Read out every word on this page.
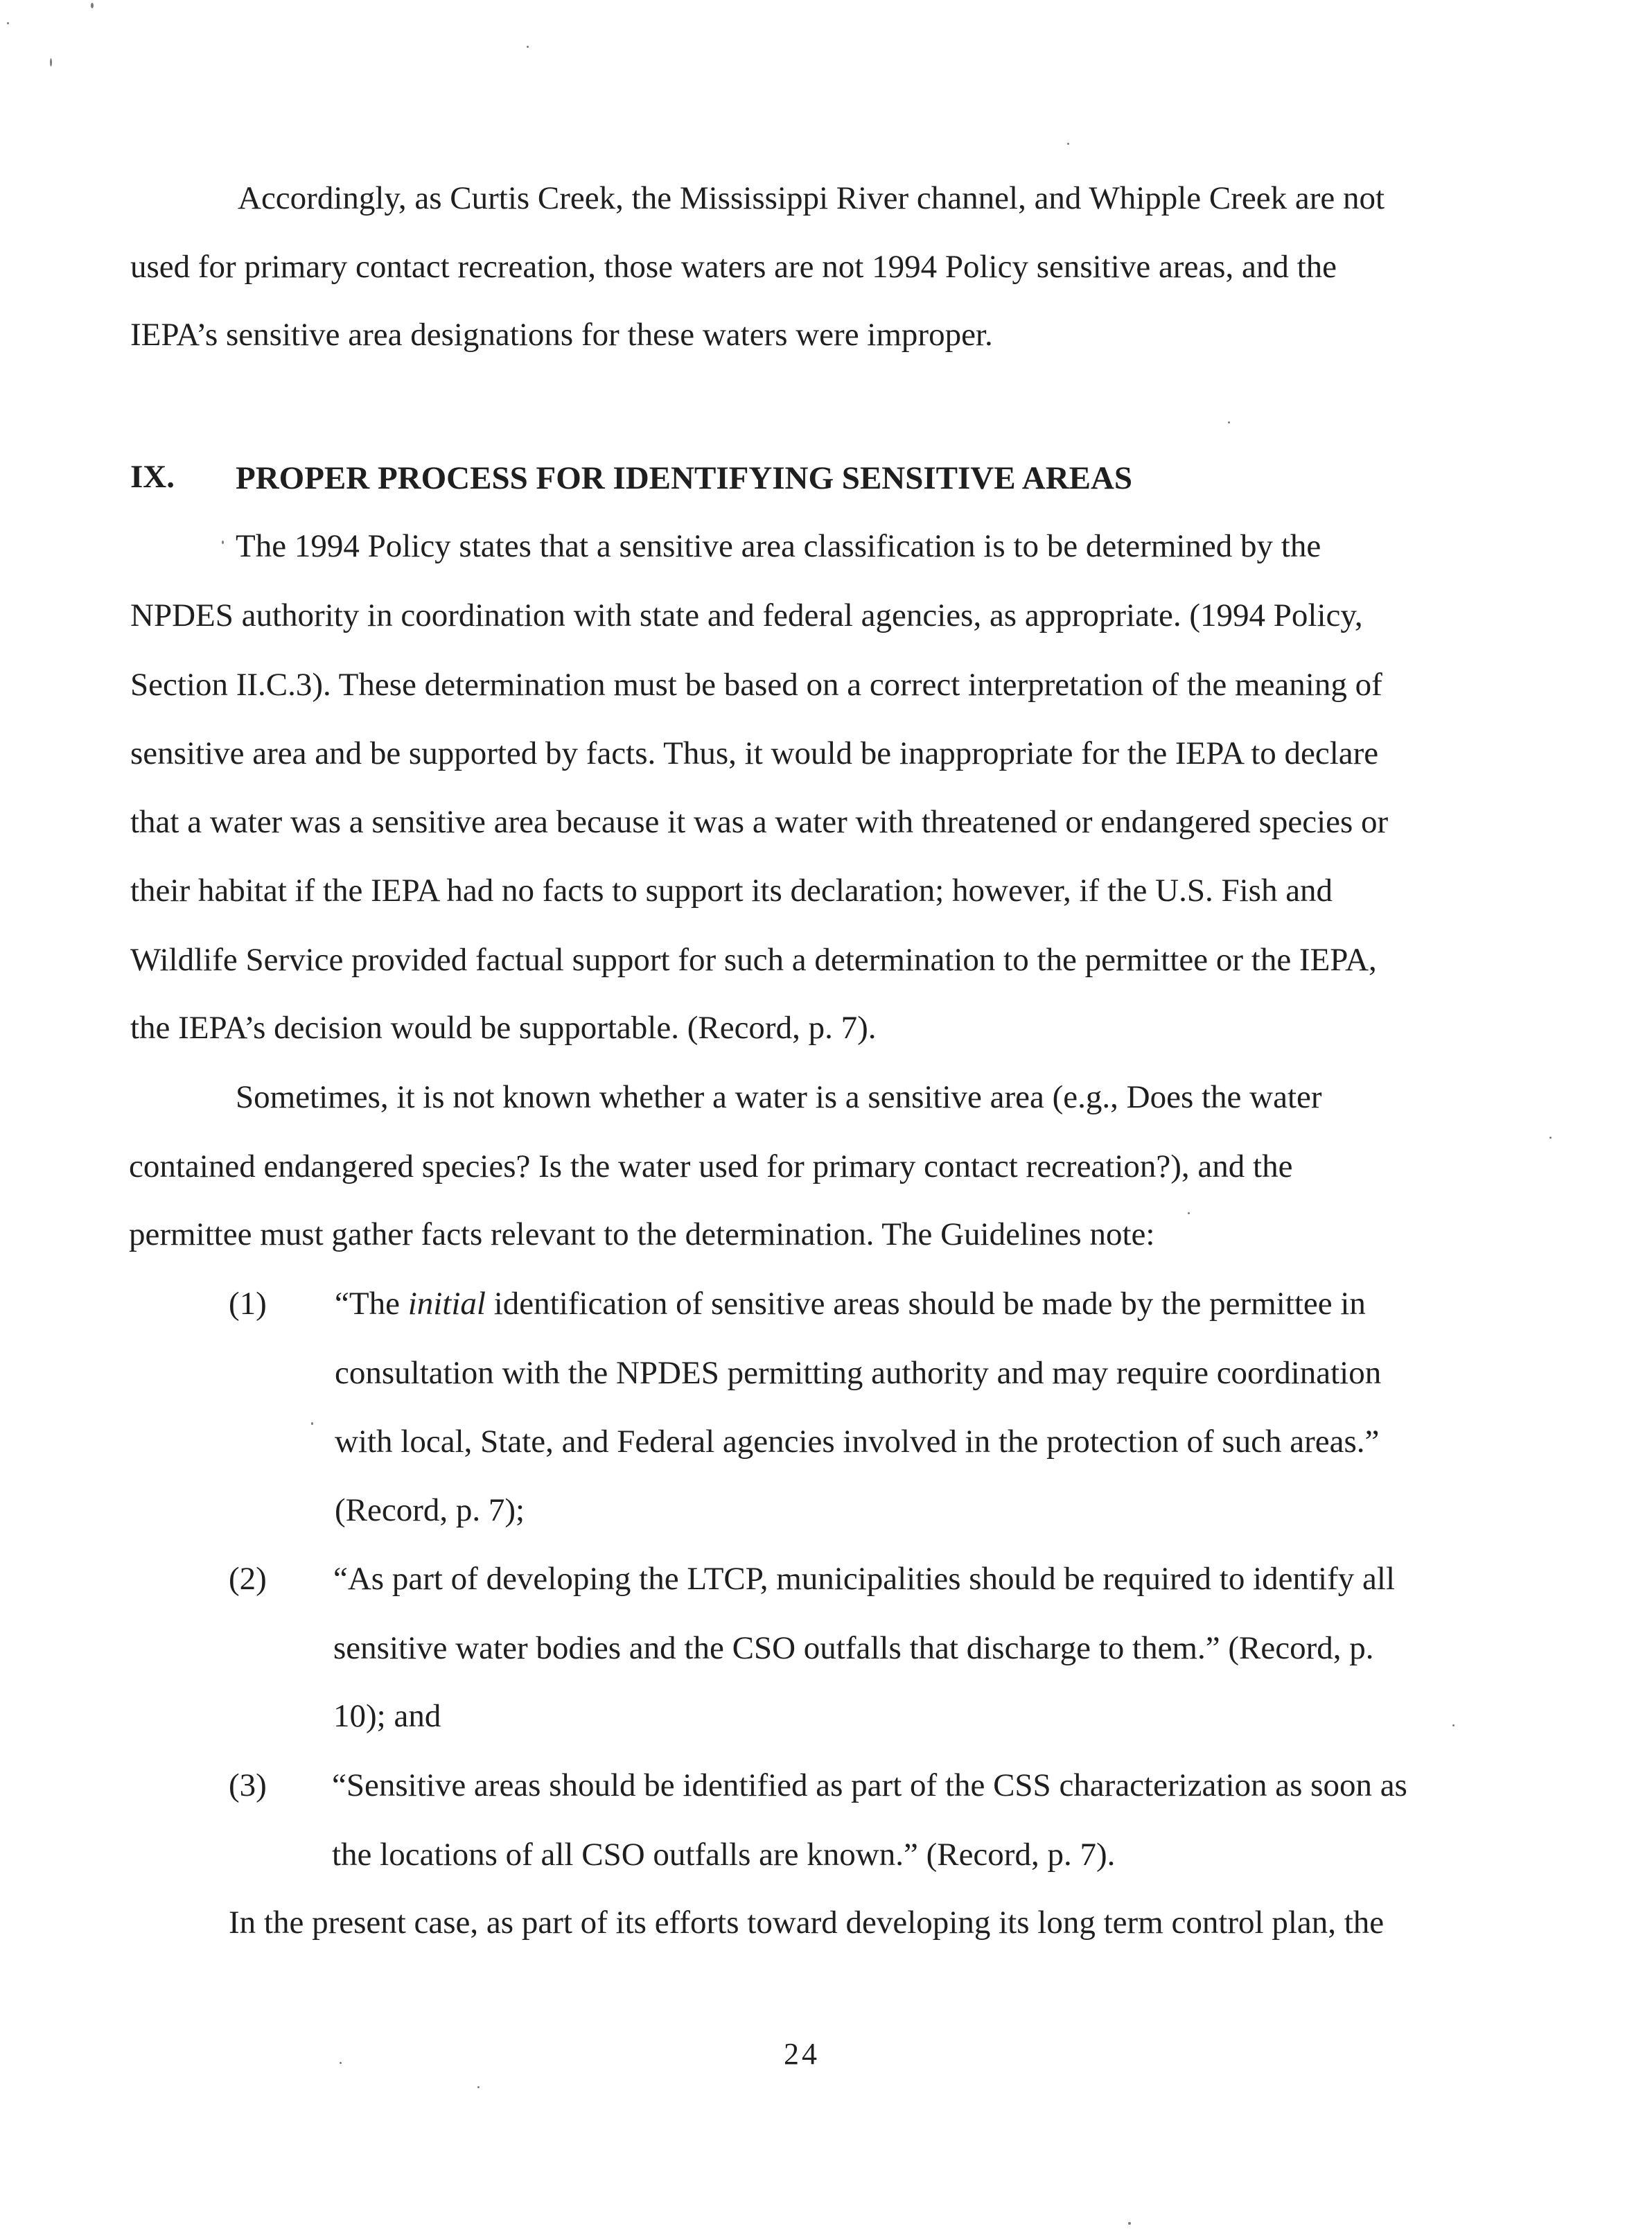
Accordingly, as Curtis Creek, the Mississippi River channel, and Whipple Creek are not

used for primary contact recreation, those waters are not 1994 Policy sensitive areas, and the

IEPA’s sensitive area designations for these waters were improper.

IX. PROPER PROCESS FOR IDENTIFYING SENSITIVE AREAS

The 1994 Policy states that a sensitive area classification is to be determined by the

NPDES authority in coordination with state and federal agencies, as appropriate. (1994 Policy,

Section II.C.3). These determination must be based on a correct interpretation of the meaning of

sensitive area and be supported by facts. Thus, it would be inappropriate for the IEPA to declare

that a water was a sensitive area because it was a water with threatened or endangered species or

their habitat if the IEPA had no facts to support its declaration; however, if the U.S. Fish and

Wildlife Service provided factual support for such a determination to the permittee or the IEPA,

the IEPA’s decision would be supportable. (Record, p. 7).

Sometimes, it is not known whether a water is a sensitive area (e.g., Does the water

contained endangered species? Is the water used for primary contact recreation?), and the

permittee must gather facts relevant to the determination. The Guidelines note:

(1) “The initial identification of sensitive areas should be made by the permittee in

consultation with the NPDES permitting authority and may require coordination

with local, State, and Federal agencies involved in the protection of such areas.”

(Record, p. 7);

(2) “As part of developing the LTCP, municipalities should be required to identify all

sensitive water bodies and the CSO outfalls that discharge to them.” (Record, p.

10); and

(3) “Sensitive areas should be identified as part of the CSS characterization as soon as

the locations of all CSO outfalls are known.” (Record, p. 7).

In the present case, as part of its efforts toward developing its long term control plan, the

24
